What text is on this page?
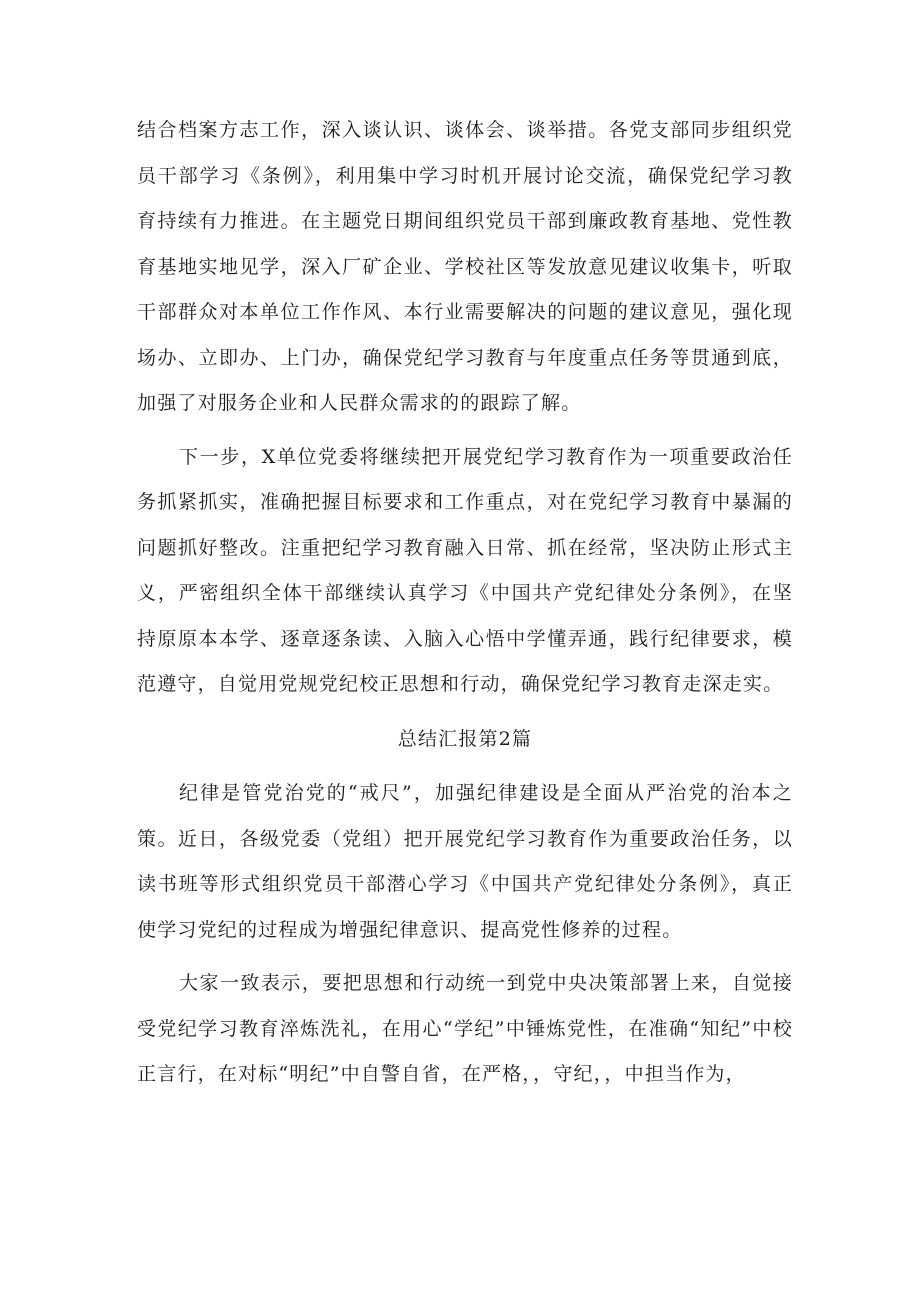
结合档案方志工作，深入谈认识、谈体会、谈举措。各党支部同步组织党员干部学习《条例》，利用集中学习时机开展讨论交流，确保党纪学习教育持续有力推进。在主题党日期间组织党员干部到廉政教育基地、党性教育基地实地见学，深入厂矿企业、学校社区等发放意见建议收集卡，听取干部群众对本单位工作作风、本行业需要解决的问题的建议意见，强化现场办、立即办、上门办，确保党纪学习教育与年度重点任务等贯通到底，加强了对服务企业和人民群众需求的的跟踪了解。

下一步，X单位党委将继续把开展党纪学习教育作为一项重要政治任务抓紧抓实，准确把握目标要求和工作重点，对在党纪学习教育中暴漏的问题抓好整改。注重把纪学习教育融入日常、抓在经常，坚决防止形式主义，严密组织全体干部继续认真学习《中国共产党纪律处分条例》，在坚持原原本本学、逐章逐条读、入脑入心悟中学懂弄通，践行纪律要求，模范遵守，自觉用党规党纪校正思想和行动，确保党纪学习教育走深走实。

总结汇报第2篇

纪律是管党治党的“戒尺”，加强纪律建设是全面从严治党的治本之策。近日，各级党委（党组）把开展党纪学习教育作为重要政治任务，以读书班等形式组织党员干部潜心学习《中国共产党纪律处分条例》，真正使学习党纪的过程成为增强纪律意识、提高党性修养的过程。

大家一致表示，要把思想和行动统一到党中央决策部署上来，自觉接受党纪学习教育淬炼洗礼，在用心“学纪”中锤炼党性，在准确“知纪”中校正言行，在对标“明纪”中自警自省，在严格，，守纪，，中担当作为，
